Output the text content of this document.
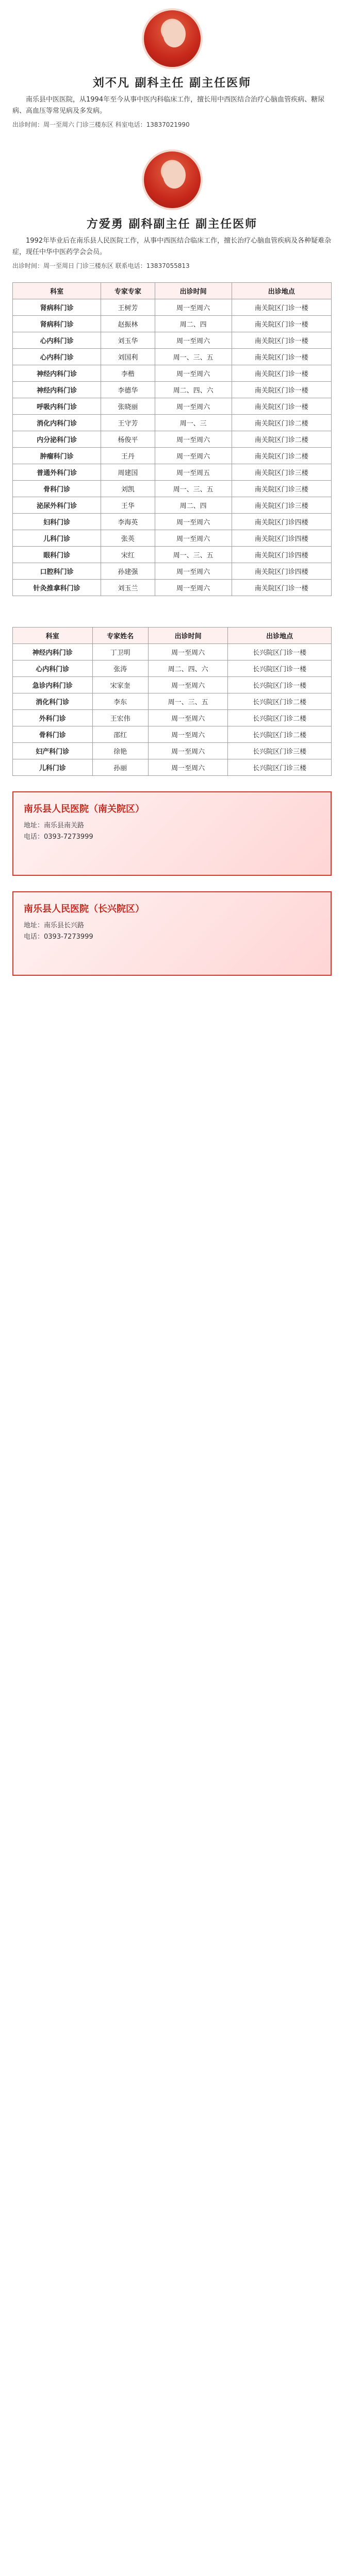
刘不凡 副科主任 副主任医师

南乐县中医医院，从1994年至今从事中医内科临床工作，擅长用中西医结合治疗心脑血管疾病、糖尿病、高血压等常见病及多发病。

出诊时间：周一至周六 门诊三楼东区 科室电话：13837021990

方爱勇 副科副主任 副主任医师

1992年毕业后在南乐县人民医院工作，从事中西医结合临床工作，擅长治疗心脑血管疾病及各种疑难杂症，现任中华中医药学会会员。

出诊时间：周一至周日 门诊三楼东区 联系电话：13837055813

科室	专家专家	出诊时间	出诊地点
肾病科门诊	王树芳	周一至周六	南关院区门诊一楼
肾病科门诊	赵振林	周二、四	南关院区门诊一楼
心内科门诊	刘玉华	周一至周六	南关院区门诊一楼
心内科门诊	刘国利	周一、三、五	南关院区门诊一楼
神经内科门诊	李楷	周一至周六	南关院区门诊一楼
神经内科门诊	李德华	周二、四、六	南关院区门诊一楼
呼吸内科门诊	张晓丽	周一至周六	南关院区门诊一楼
消化内科门诊	王守芳	周一、三	南关院区门诊二楼
内分泌科门诊	杨俊平	周一至周六	南关院区门诊二楼
肿瘤科门诊	王丹	周一至周六	南关院区门诊二楼
普通外科门诊	周建国	周一至周五	南关院区门诊三楼
骨科门诊	刘凯	周一、三、五	南关院区门诊三楼
泌尿外科门诊	王华	周二、四	南关院区门诊三楼
妇科门诊	李海英	周一至周六	南关院区门诊四楼
儿科门诊	张英	周一至周六	南关院区门诊四楼
眼科门诊	宋红	周一、三、五	南关院区门诊四楼
口腔科门诊	孙建强	周一至周六	南关院区门诊四楼
针灸推拿科门诊	刘玉兰	周一至周六	南关院区门诊一楼
科室	专家姓名	出诊时间	出诊地点
神经内科门诊	丁卫明	周一至周六	长兴院区门诊一楼
心内科门诊	张涛	周二、四、六	长兴院区门诊一楼
急诊内科门诊	宋家奎	周一至周六	长兴院区门诊一楼
消化科门诊	李东	周一、三、五	长兴院区门诊二楼
外科门诊	王宏伟	周一至周六	长兴院区门诊二楼
骨科门诊	邵红	周一至周六	长兴院区门诊二楼
妇产科门诊	徐艳	周一至周六	长兴院区门诊三楼
儿科门诊	孙丽	周一至周六	长兴院区门诊三楼
南乐县人民医院（南关院区）
地址：南乐县南关路
电话：0393-7273999
南乐县人民医院（长兴院区）
地址：南乐县长兴路
电话：0393-7273999
